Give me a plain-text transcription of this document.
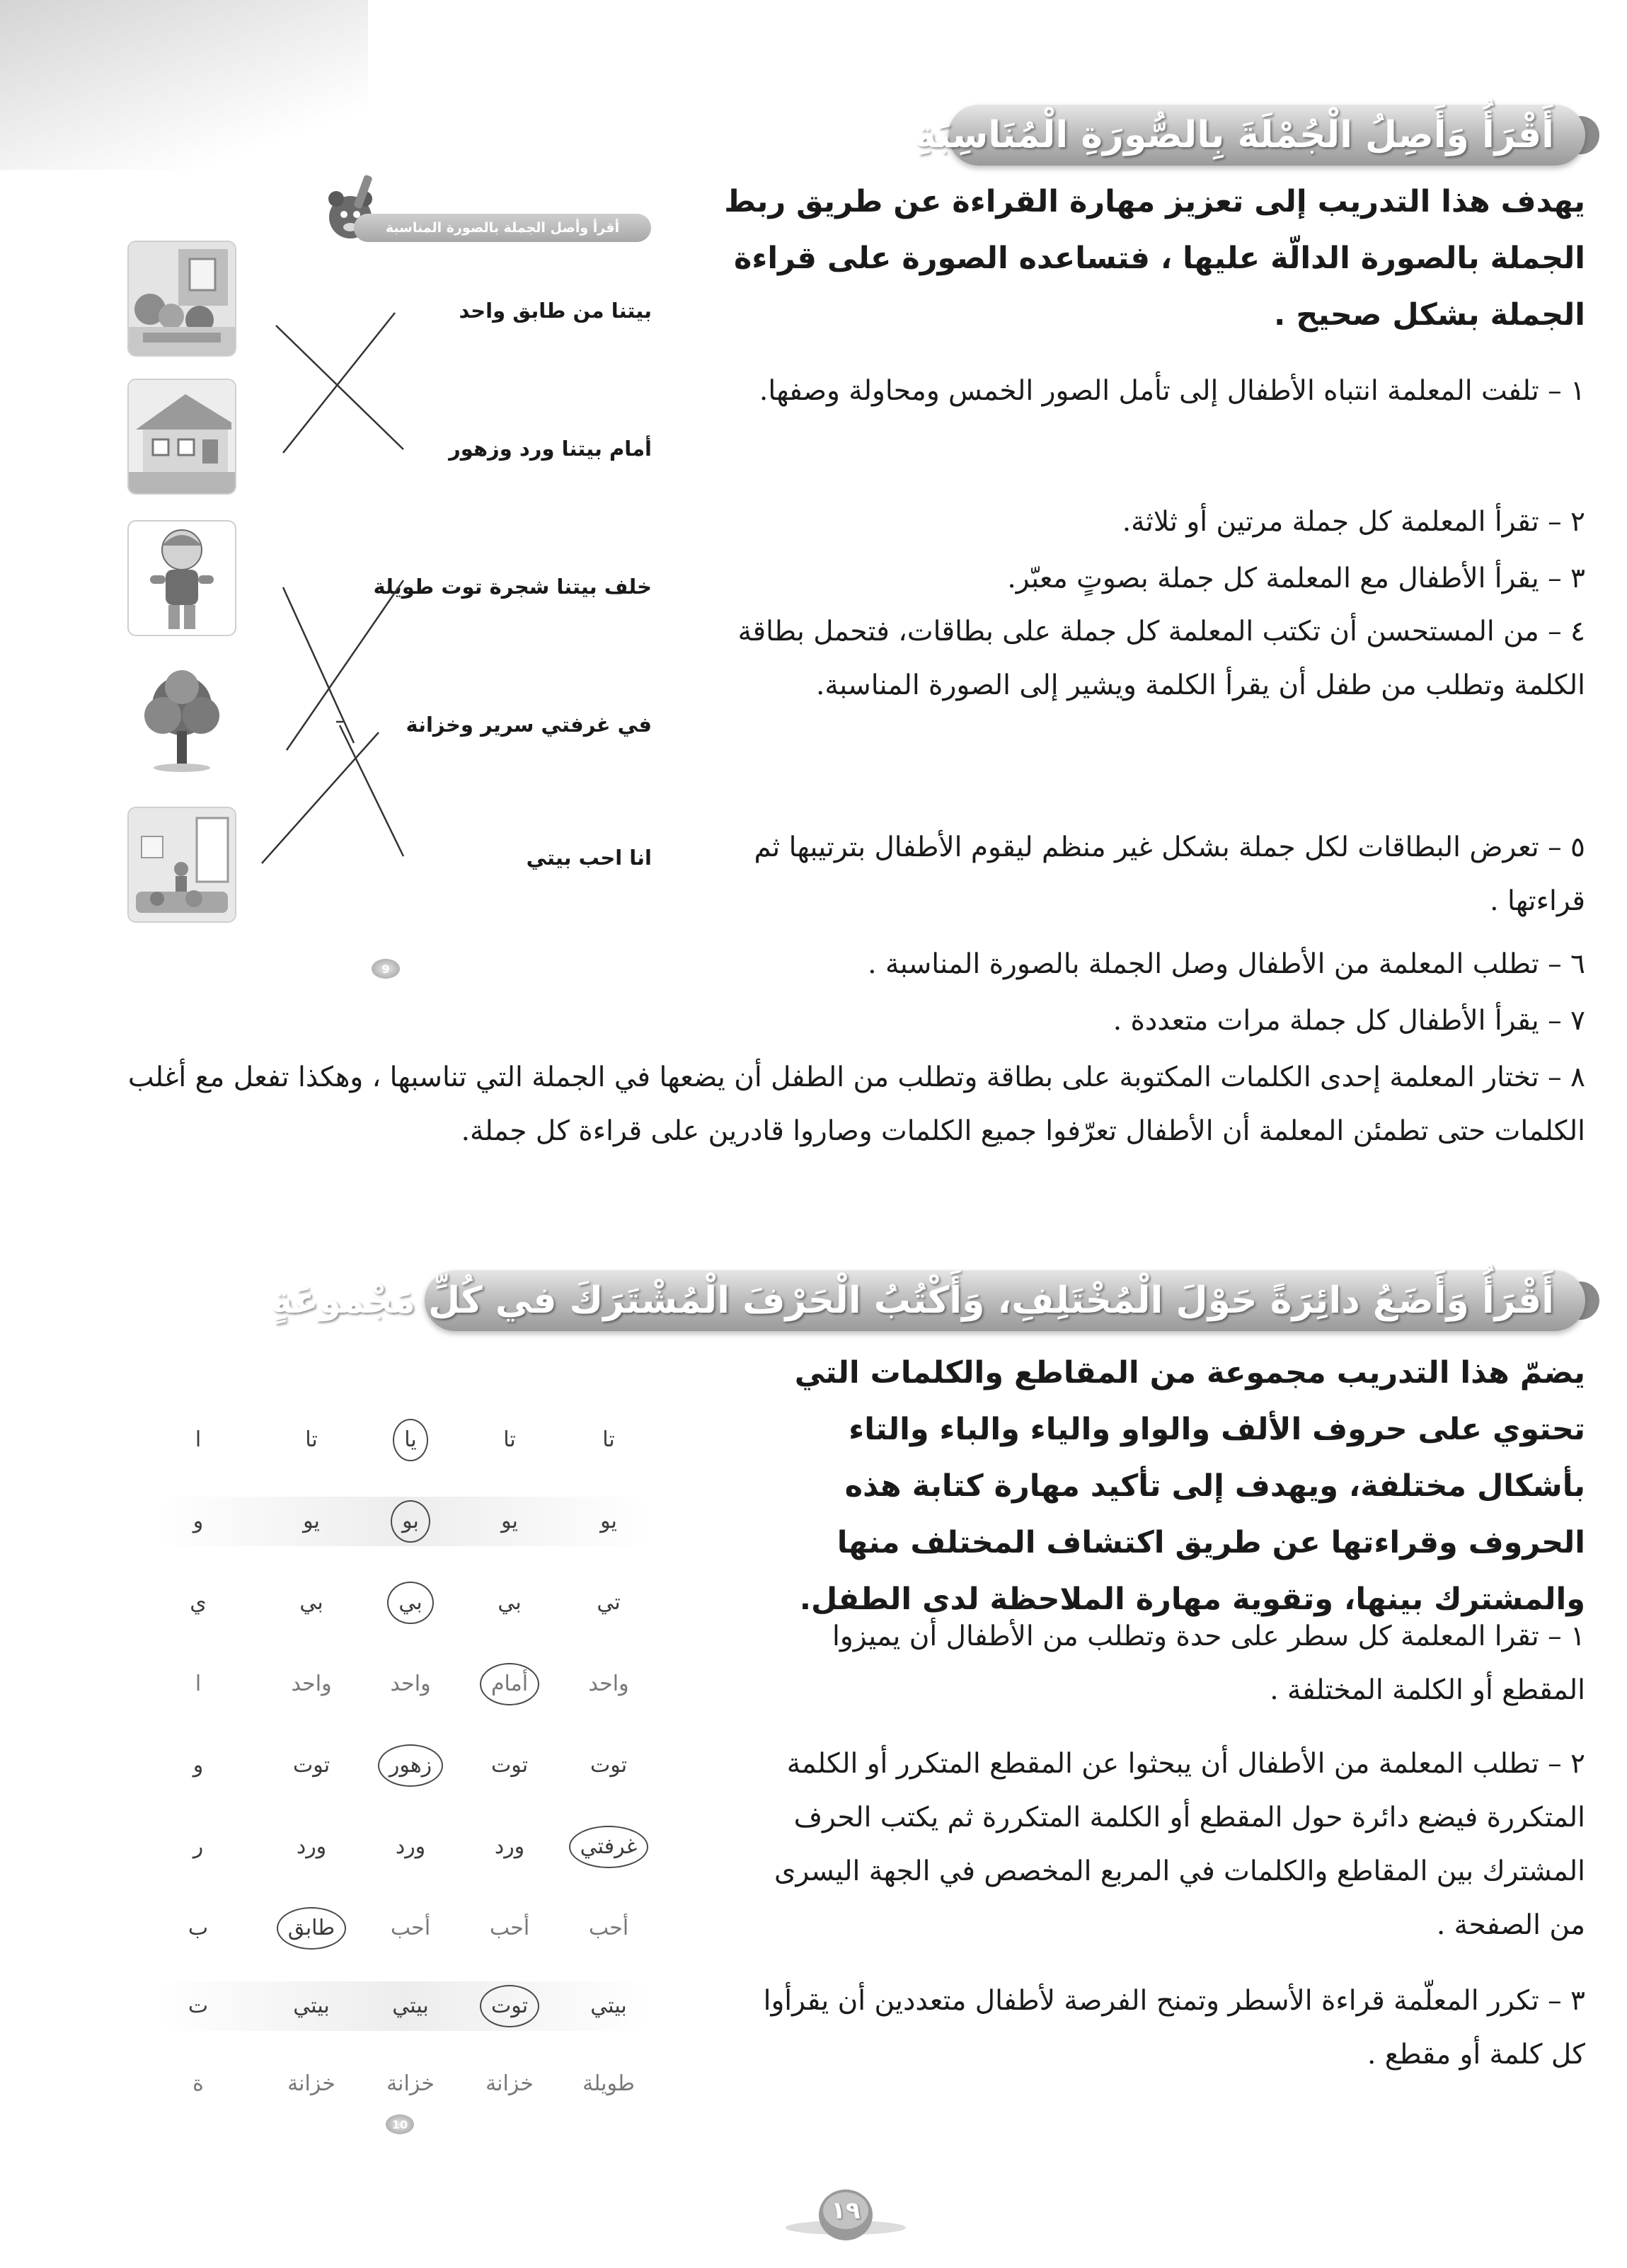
أَقْرَأُ وَأَصِلُ الْجُمْلَةَ بِالصُّورَةِ الْمُنَاسِبَةِ
يهدف هذا التدريب إلى تعزيز مهارة القراءة عن طريق ربط الجملة بالصورة الدالّة عليها ، فتساعده الصورة على قراءة الجملة بشكل صحيح .
١ – تلفت المعلمة انتباه الأطفال إلى تأمل الصور الخمس ومحاولة وصفها.
٢ – تقرأ المعلمة كل جملة مرتين أو ثلاثة.
٣ – يقرأ الأطفال مع المعلمة كل جملة بصوتٍ معبّر.
٤ – من المستحسن أن تكتب المعلمة كل جملة على بطاقات، فتحمل بطاقة الكلمة وتطلب من طفل أن يقرأ الكلمة ويشير إلى الصورة المناسبة.
٥ – تعرض البطاقات لكل جملة بشكل غير منظم ليقوم الأطفال بترتيبها ثم قراءتها .
٦ – تطلب المعلمة من الأطفال وصل الجملة بالصورة المناسبة .
٧ – يقرأ الأطفال كل جملة مرات متعددة .
٨ – تختار المعلمة إحدى الكلمات المكتوبة على بطاقة وتطلب من الطفل أن يضعها في الجملة التي تناسبها ، وهكذا تفعل مع أغلب الكلمات حتى تطمئن المعلمة أن الأطفال تعرّفوا جميع الكلمات وصاروا قادرين على قراءة كل جملة.
أقرأ وأصل الجملة بالصورة المناسبة
بيتنا من طابق واحد
أمام بيتنا ورد وزهور
خلف بيتنا شجرة توت طويلة
في غرفتي سرير وخزانة
انا احب بيتي
9
أَقْرَأُ وَأَضَعُ دائِرَةً حَوْلَ الْمُخْتَلِفِ، وَأَكْتُبُ الْحَرْفَ الْمُشْتَرَكَ في كُلِّ مَجْموعَةٍ
يضمّ هذا التدريب مجموعة من المقاطع والكلمات التي تحتوي على حروف الألف والواو والياء والباء والتاء بأشكال مختلفة، ويهدف إلى تأكيد مهارة كتابة هذه الحروف وقراءتها عن طريق اكتشاف المختلف منها والمشترك بينها، وتقوية مهارة الملاحظة لدى الطفل.
١ – تقرا المعلمة كل سطر على حدة وتطلب من الأطفال أن يميزوا المقطع أو الكلمة المختلفة .
٢ – تطلب المعلمة من الأطفال أن يبحثوا عن المقطع المتكرر أو الكلمة المتكررة فيضع دائرة حول المقطع أو الكلمة المتكررة ثم يكتب الحرف المشترك بين المقاطع والكلمات في المربع المخصص في الجهة اليسرى من الصفحة .
٣ – تكرر المعلّمة قراءة الأسطر وتمنح الفرصة لأطفال متعددين أن يقرأوا كل كلمة أو مقطع .
تا
تا
يا
تا
ا
يو
يو
بو
يو
و
تي
بي
بي
بي
ي
واحد
أمام
واحد
واحد
ا
توت
توت
زهور
توت
و
غرفتي
ورد
ورد
ورد
ر
أحب
أحب
أحب
طابق
ب
بيتي
توت
بيتي
بيتي
ت
طويلة
خزانة
خزانة
خزانة
ة
10
١٩
